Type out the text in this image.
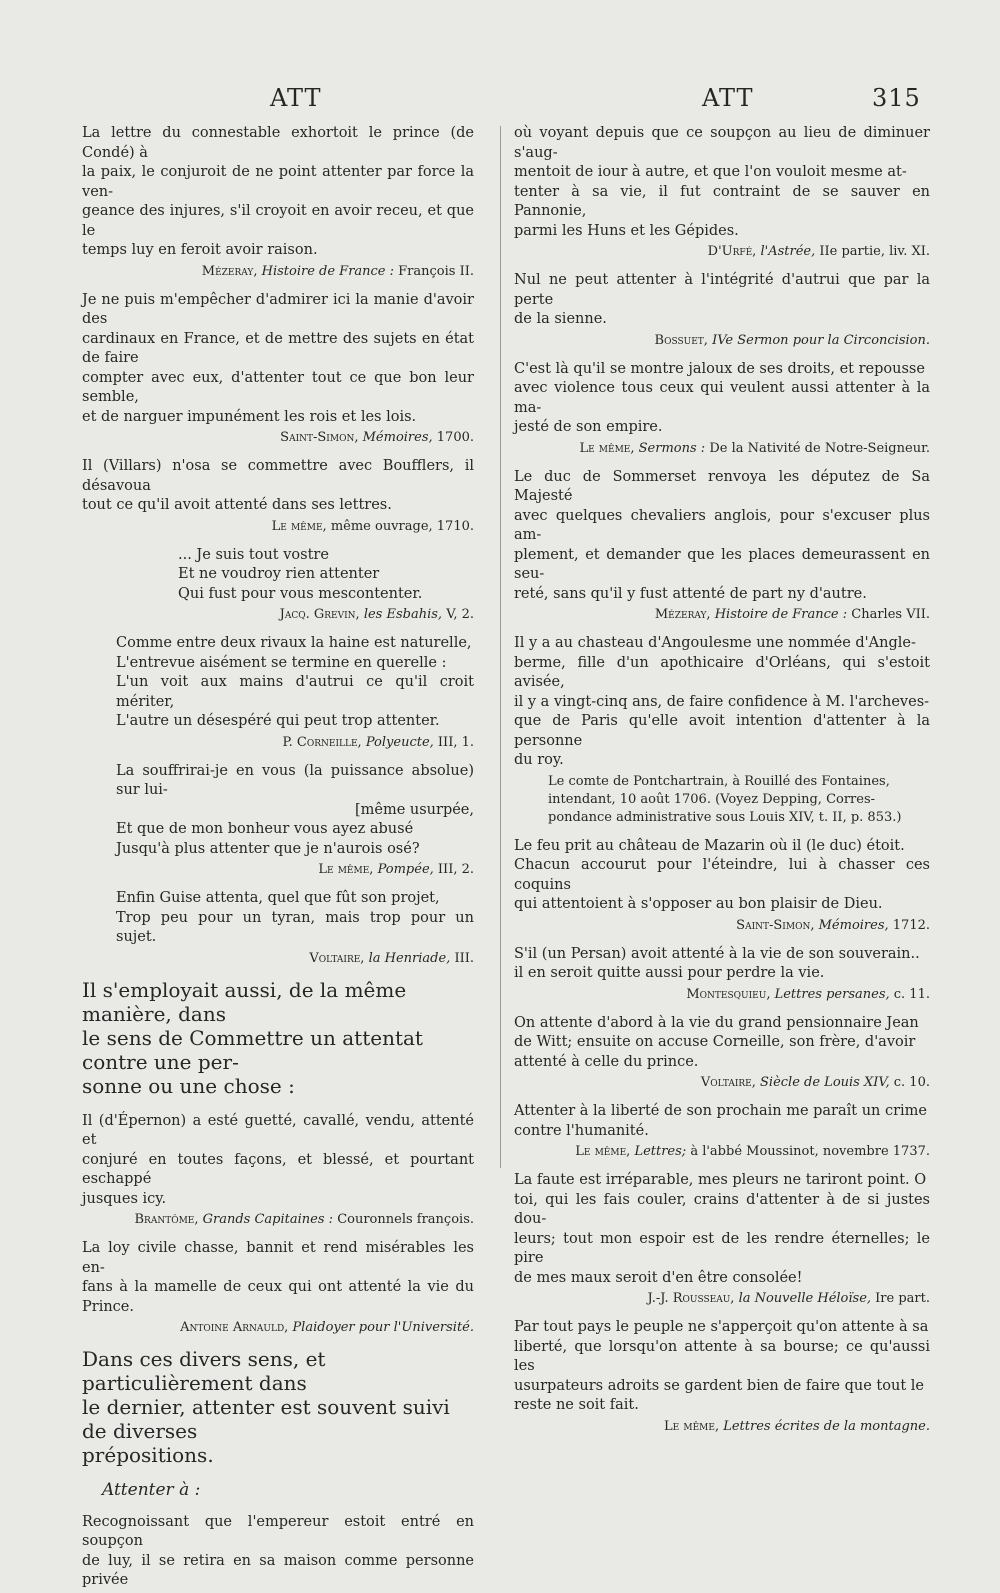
ATT	ATT	315

La lettre du connestable exhortoit le prince (de Condé) à
la paix, le conjuroit de ne point attenter par force la ven-
geance des injures, s'il croyoit en avoir receu, et que le
temps luy en feroit avoir raison.

Mézeray, Histoire de France : François II.

Je ne puis m'empêcher d'admirer ici la manie d'avoir des
cardinaux en France, et de mettre des sujets en état de faire
compter avec eux, d'attenter tout ce que bon leur semble,
et de narguer impunément les rois et les lois.

Saint-Simon, Mémoires, 1700.

Il (Villars) n'osa se commettre avec Boufflers, il désavoua
tout ce qu'il avoit attenté dans ses lettres.

Le même, même ouvrage, 1710.

... Je suis tout vostre
Et ne voudroy rien attenter
Qui fust pour vous mescontenter.

Jacq. Grevin, les Esbahis, V, 2.

Comme entre deux rivaux la haine est naturelle,
L'entrevue aisément se termine en querelle :
L'un voit aux mains d'autrui ce qu'il croit mériter,
L'autre un désespéré qui peut trop attenter.

P. Corneille, Polyeucte, III, 1.

La souffrirai-je en vous (la puissance absolue) sur lui-
[même usurpée,
Et que de mon bonheur vous ayez abusé
Jusqu'à plus attenter que je n'aurois osé?

Le même, Pompée, III, 2.

Enfin Guise attenta, quel que fût son projet,
Trop peu pour un tyran, mais trop pour un sujet.

Voltaire, la Henriade, III.

Il s'employait aussi, de la même manière, dans
le sens de Commettre un attentat contre une per-
sonne ou une chose :

Il (d'Épernon) a esté guetté, cavallé, vendu, attenté et
conjuré en toutes façons, et blessé, et pourtant eschappé
jusques icy.

Brantôme, Grands Capitaines : Couronnels françois.

La loy civile chasse, bannit et rend misérables les en-
fans à la mamelle de ceux qui ont attenté la vie du Prince.

Antoine Arnauld, Plaidoyer pour l'Université.

Dans ces divers sens, et particulièrement dans
le dernier, attenter est souvent suivi de diverses
prépositions.

Attenter à :

Recognoissant que l'empereur estoit entré en soupçon
de luy, il se retira en sa maison comme personne privée

où voyant depuis que ce soupçon au lieu de diminuer s'aug-
mentoit de iour à autre, et que l'on vouloit mesme at-
tenter à sa vie, il fut contraint de se sauver en Pannonie,
parmi les Huns et les Gépides.

D'Urfé, l'Astrée, IIe partie, liv. XI.

Nul ne peut attenter à l'intégrité d'autrui que par la perte
de la sienne.

Bossuet, IVe Sermon pour la Circoncision.

C'est là qu'il se montre jaloux de ses droits, et repousse
avec violence tous ceux qui veulent aussi attenter à la ma-
jesté de son empire.

Le même, Sermons : De la Nativité de Notre-Seigneur.

Le duc de Sommerset renvoya les députez de Sa Majesté
avec quelques chevaliers anglois, pour s'excuser plus am-
plement, et demander que les places demeurassent en seu-
reté, sans qu'il y fust attenté de part ny d'autre.

Mézeray, Histoire de France : Charles VII.

Il y a au chasteau d'Angoulesme une nommée d'Angle-
berme, fille d'un apothicaire d'Orléans, qui s'estoit avisée,
il y a vingt-cinq ans, de faire confidence à M. l'archeves-
que de Paris qu'elle avoit intention d'attenter à la personne
du roy.

Le comte de Pontchartrain, à Rouillé des Fontaines,
intendant, 10 août 1706. (Voyez Depping, Corres-
pondance administrative sous Louis XIV, t. II, p. 853.)

Le feu prit au château de Mazarin où il (le duc) étoit.
Chacun accourut pour l'éteindre, lui à chasser ces coquins
qui attentoient à s'opposer au bon plaisir de Dieu.

Saint-Simon, Mémoires, 1712.

S'il (un Persan) avoit attenté à la vie de son souverain..
il en seroit quitte aussi pour perdre la vie.

Montesquieu, Lettres persanes, c. 11.

On attente d'abord à la vie du grand pensionnaire Jean
de Witt; ensuite on accuse Corneille, son frère, d'avoir
attenté à celle du prince.

Voltaire, Siècle de Louis XIV, c. 10.

Attenter à la liberté de son prochain me paraît un crime
contre l'humanité.

Le même, Lettres; à l'abbé Moussinot, novembre 1737.

La faute est irréparable, mes pleurs ne tariront point. O
toi, qui les fais couler, crains d'attenter à de si justes dou-
leurs; tout mon espoir est de les rendre éternelles; le pire
de mes maux seroit d'en être consolée!

J.-J. Rousseau, la Nouvelle Héloïse, Ire part.

Par tout pays le peuple ne s'apperçoit qu'on attente à sa
liberté, que lorsqu'on attente à sa bourse; ce qu'aussi les
usurpateurs adroits se gardent bien de faire que tout le
reste ne soit fait.

Le même, Lettres écrites de la montagne.
